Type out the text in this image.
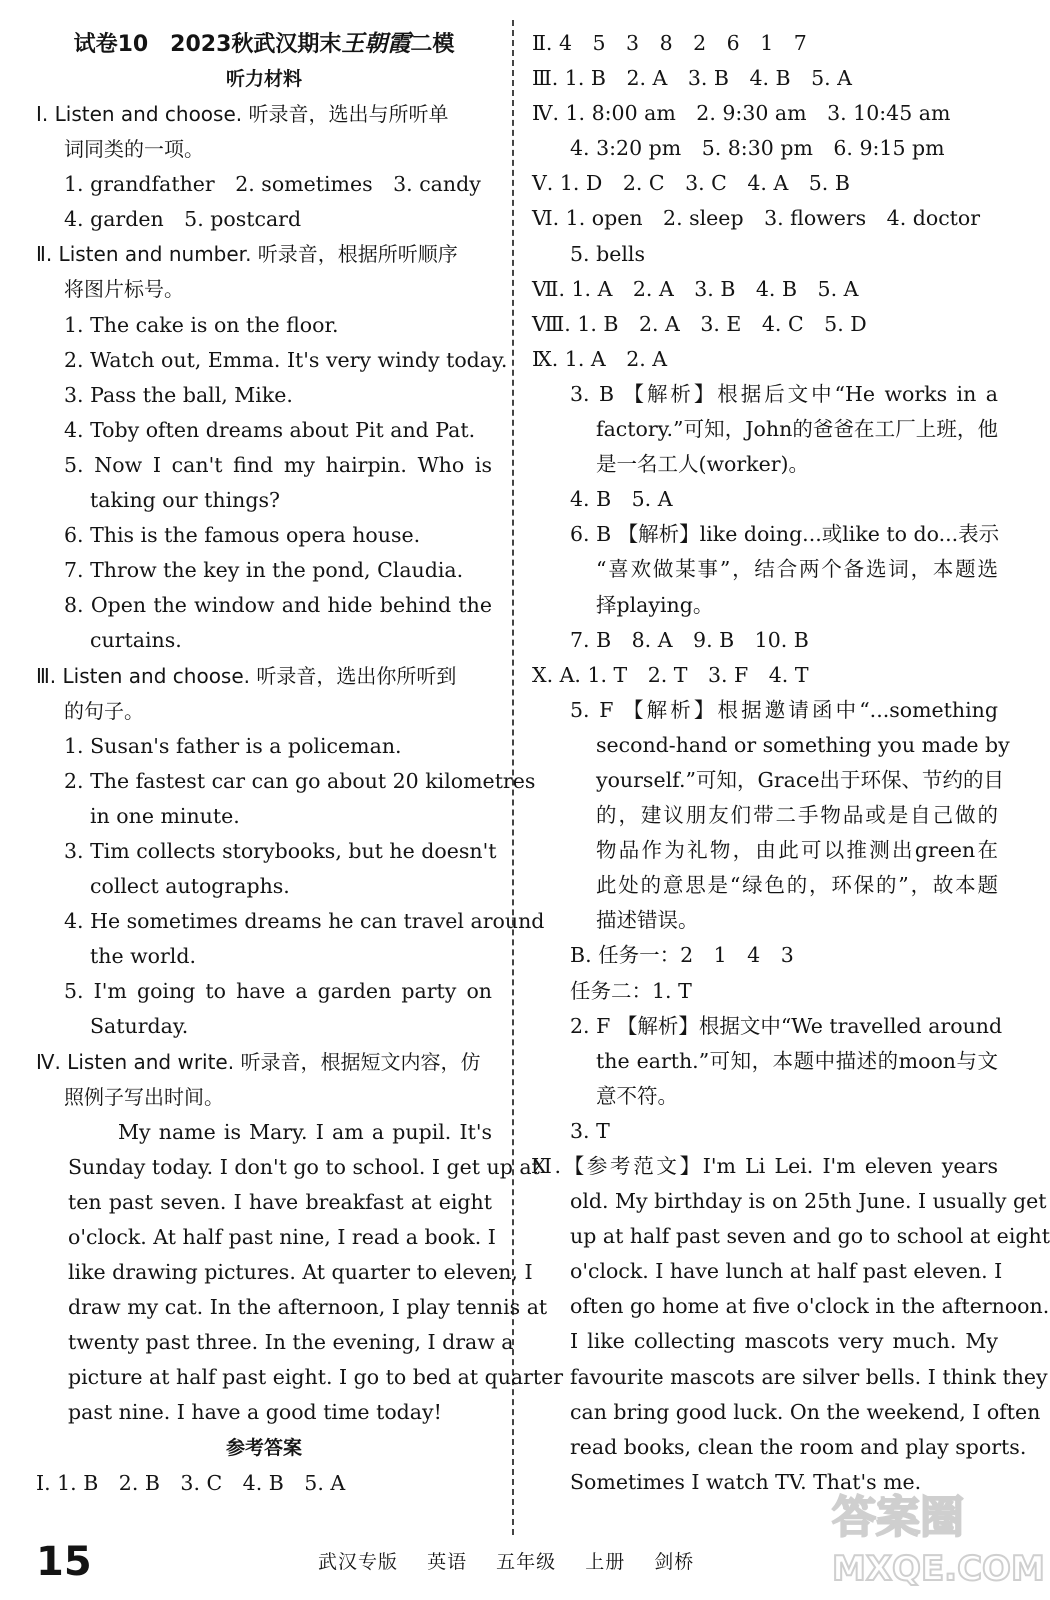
试卷10　2023秋武汉期末王朝霞二模
听力材料
Ⅰ. Listen and choose. 听录音，选出与所听单
词同类的一项。
1. grandfather　2. sometimes　3. candy
4. garden　5. postcard
Ⅱ. Listen and number. 听录音，根据所听顺序
将图片标号。
1. The cake is on the floor.
2. Watch out, Emma. It's very windy today.
3. Pass the ball, Mike.
4. Toby often dreams about Pit and Pat.
5. Now I can't find my hairpin. Who is
taking our things?
6. This is the famous opera house.
7. Throw the key in the pond, Claudia.
8. Open the window and hide behind the
curtains.
Ⅲ. Listen and choose. 听录音，选出你所听到
的句子。
1. Susan's father is a policeman.
2. The fastest car can go about 20 kilometres
in one minute.
3. Tim collects storybooks, but he doesn't
collect autographs.
4. He sometimes dreams he can travel around
the world.
5. I'm going to have a garden party on
Saturday.
Ⅳ. Listen and write. 听录音，根据短文内容，仿
照例子写出时间。
My name is Mary. I am a pupil. It's
Sunday today. I don't go to school. I get up at
ten past seven. I have breakfast at eight
o'clock. At half past nine, I read a book. I
like drawing pictures. At quarter to eleven, I
draw my cat. In the afternoon, I play tennis at
twenty past three. In the evening, I draw a
picture at half past eight. I go to bed at quarter
past nine. I have a good time today!
参考答案
Ⅰ. 1. B　2. B　3. C　4. B　5. A
Ⅱ. 4　5　3　8　2　6　1　7
Ⅲ. 1. B　2. A　3. B　4. B　5. A
Ⅳ. 1. 8:00 am　2. 9:30 am　3. 10:45 am
4. 3:20 pm　5. 8:30 pm　6. 9:15 pm
Ⅴ. 1. D　2. C　3. C　4. A　5. B
Ⅵ. 1. open　2. sleep　3. flowers　4. doctor
5. bells
Ⅶ. 1. A　2. A　3. B　4. B　5. A
Ⅷ. 1. B　2. A　3. E　4. C　5. D
Ⅸ. 1. A　2. A
3. B 【解析】根据后文中“He works in a
factory.”可知，John的爸爸在工厂上班，他
是一名工人(worker)。
4. B　5. A
6. B 【解析】like doing...或like to do...表示
“喜欢做某事”，结合两个备选词，本题选
择playing。
7. B　8. A　9. B　10. B
Ⅹ. A. 1. T　2. T　3. F　4. T
5. F 【解析】根据邀请函中“...something
second-hand or something you made by
yourself.”可知，Grace出于环保、节约的目
的，建议朋友们带二手物品或是自己做的
物品作为礼物，由此可以推测出green在
此处的意思是“绿色的，环保的”，故本题
描述错误。
B. 任务一：2　1　4　3
任务二：1. T
2. F 【解析】根据文中“We travelled around
the earth.”可知，本题中描述的moon与文
意不符。
3. T
Ⅺ.【参考范文】I'm Li Lei. I'm eleven years
old. My birthday is on 25th June. I usually get
up at half past seven and go to school at eight
o'clock. I have lunch at half past eleven. I
often go home at five o'clock in the afternoon.
I like collecting mascots very much. My
favourite mascots are silver bells. I think they
can bring good luck. On the weekend, I often
read books, clean the room and play sports.
Sometimes I watch TV. That's me.
答案圈
MXQE.COM
15	武汉专版 英语 五年级 上册 剑桥
